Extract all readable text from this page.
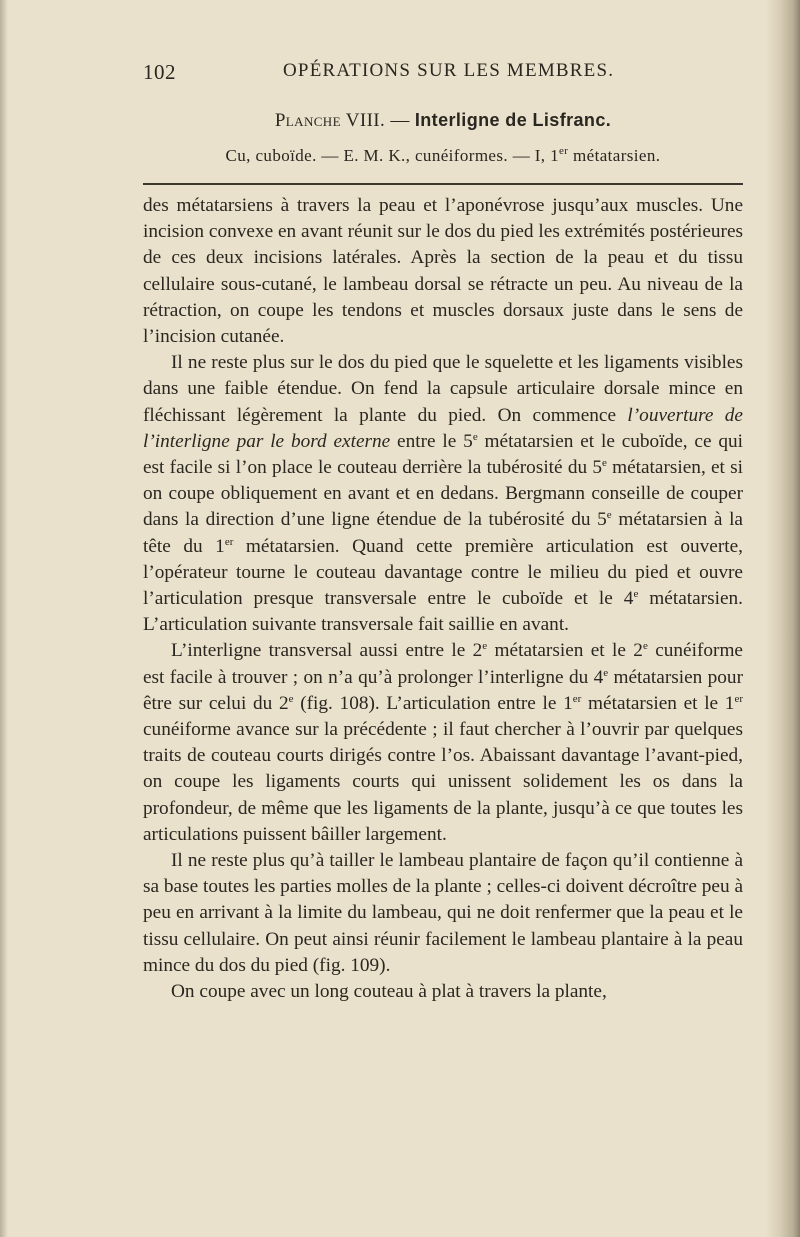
102	OPÉRATIONS SUR LES MEMBRES.
Planche VIII. — Interligne de Lisfranc.
Cu, cuboïde. — E. M. K., cunéiformes. — I, 1er métatarsien.

des métatarsiens à travers la peau et l’aponévrose jusqu’aux muscles. Une incision convexe en avant réunit sur le dos du pied les extrémités postérieures de ces deux incisions latérales. Après la section de la peau et du tissu cellulaire sous-cutané, le lambeau dorsal se rétracte un peu. Au niveau de la rétraction, on coupe les tendons et muscles dorsaux juste dans le sens de l’incision cutanée.

Il ne reste plus sur le dos du pied que le squelette et les ligaments visibles dans une faible étendue. On fend la capsule articulaire dorsale mince en fléchissant légèrement la plante du pied. On commence l’ouverture de l’interligne par le bord externe entre le 5e métatarsien et le cuboïde, ce qui est facile si l’on place le couteau derrière la tubérosité du 5e métatarsien, et si on coupe obliquement en avant et en dedans. Bergmann conseille de couper dans la direction d’une ligne étendue de la tubérosité du 5e métatarsien à la tête du 1er métatarsien. Quand cette première articulation est ouverte, l’opérateur tourne le couteau davantage contre le milieu du pied et ouvre l’articulation presque transversale entre le cuboïde et le 4e métatarsien. L’articulation suivante transversale fait saillie en avant.

L’interligne transversal aussi entre le 2e métatarsien et le 2e cunéiforme est facile à trouver ; on n’a qu’à prolonger l’interligne du 4e métatarsien pour être sur celui du 2e (fig. 108). L’articulation entre le 1er métatarsien et le 1er cunéiforme avance sur la précédente ; il faut chercher à l’ouvrir par quelques traits de couteau courts dirigés contre l’os. Abaissant davantage l’avant-pied, on coupe les ligaments courts qui unissent solidement les os dans la profondeur, de même que les ligaments de la plante, jusqu’à ce que toutes les articulations puissent bâiller largement.

Il ne reste plus qu’à tailler le lambeau plantaire de façon qu’il contienne à sa base toutes les parties molles de la plante ; celles-ci doivent décroître peu à peu en arrivant à la limite du lambeau, qui ne doit renfermer que la peau et le tissu cellulaire. On peut ainsi réunir facilement le lambeau plantaire à la peau mince du dos du pied (fig. 109).

On coupe avec un long couteau à plat à travers la plante,
